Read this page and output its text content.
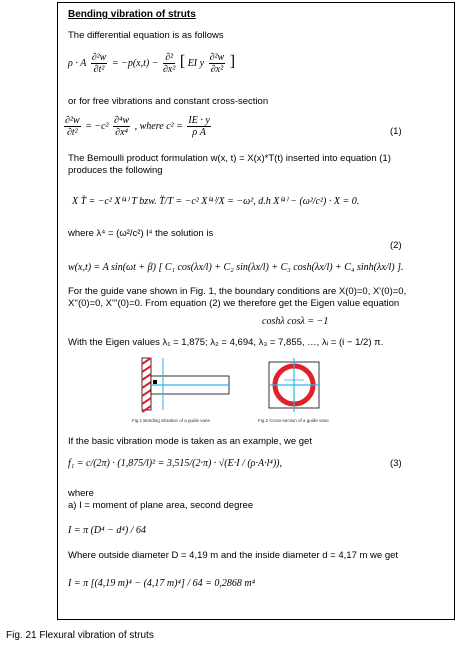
Bending vibration of struts
The differential equation is as follows
ρ · A $\frac{\text{∂²w}}{\text{∂t²}} = -p(x,t) - \frac{\text{∂²}}{\text{∂x²}}$ [ EI y $\frac{\text{∂²w}}{\text{∂x²}}$ ]
or for free vibrations and constant cross-section
$\frac{\text{∂²w}}{\text{∂t²}} = -c^2 \frac{\text{∂⁴w}}{\text{∂x⁴}}$ , where $c^2 = \frac{IE \cdot y}{\text{ρ A}}$	(1)
The Bernoulli product formulation w(x, t) = X(x)*T(t) inserted into equation (1)
produces the following
X T̈ = −c² X⁽⁴⁾ T bzw. T̈/T = −c² X⁽⁴⁾/X = −ω², d.h X⁽⁴⁾ − (ω²/c²) · X = 0.
where λ⁴ = (ω²/c²) l⁴ the solution is
(2)
w(x,t) = A sin(ωt + β) [ C₁ cos(λx/l) + C₂ sin(λx/l) + C₃ cosh(λx/l) + C₄ sinh(λx/l) ].
For the guide vane shown in Fig. 1, the boundary conditions are X(0)=0, X'(0)=0,
X''(0)=0, X'''(0)=0. From equation (2) we therefore get the Eigen value equation
coshλ cosλ = −1
With the Eigen values λ₁ = 1,875; λ₂ = 4,694, λ₃ = 7,855, …, λᵢ = (i − 1/2) π.
Fig.1 Bending vibration of a guide vane	Fig.2 Cross-section of a guide vane
If the basic vibration mode is taken as an example, we get
f₁ = c/(2π) · (1,875/l)² = 3,515/(2·π) · √(E·I / (ρ·A·l⁴)),	(3)
where
a) I = moment of plane area, second degree
I = π (D⁴ − d⁴) / 64
Where outside diameter D = 4,19 m and the inside diameter d = 4,17 m we get
I = π [(4,19 m)⁴ − (4,17 m)⁴] / 64 = 0,2868 m⁴
Fig. 21 Flexural vibration of struts
